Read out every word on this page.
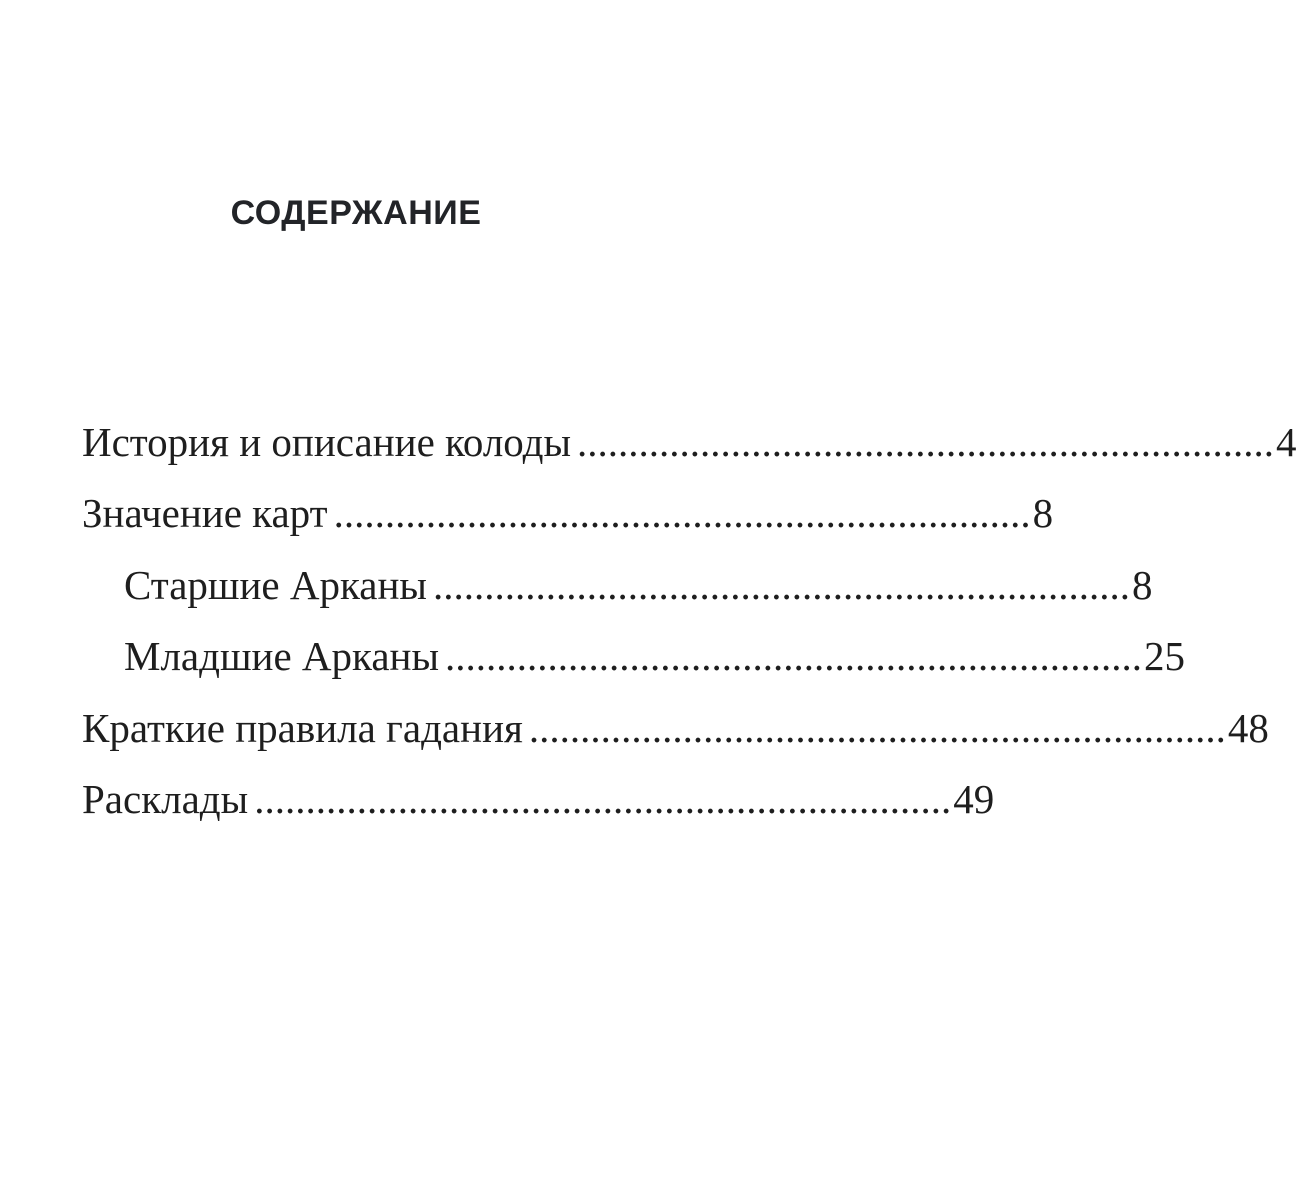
СОДЕРЖАНИЕ
История и описание колоды .................................................................... 4
Значение карт .................................................................... 8
Старшие Арканы .................................................................... 8
Младшие Арканы .................................................................... 25
Краткие правила гадания .................................................................... 48
Расклады .................................................................... 49
